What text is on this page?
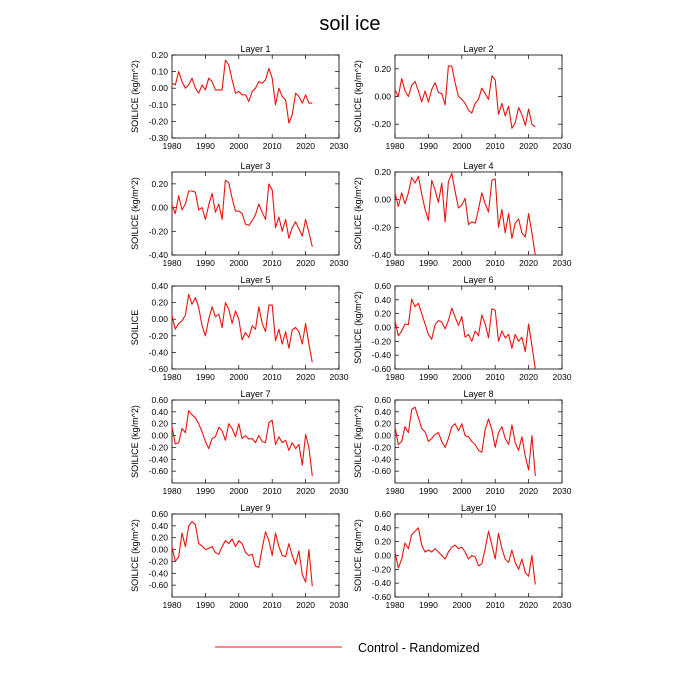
soil ice
Layer 1
1980 1990 2000 2010 2020 2030
-0.30
-0.20
-0.10
0.00
0.10
0.20
SOILICE (kg/m^2)
Layer 2
1980 1990 2000 2010 2020 2030
-0.20
0.00
0.20
SOILICE (kg/m^2)
Layer 3
1980 1990 2000 2010 2020 2030
-0.40
-0.20
0.00
0.20
SOILICE (kg/m^2)
Layer 4
1980 1990 2000 2010 2020 2030
-0.40
-0.20
0.00
0.20
SOILICE (kg/m^2)
Layer 5
1980 1990 2000 2010 2020 2030
-0.60
-0.40
-0.20
0.00
0.20
0.40
SOILICE
Layer 6
1980 1990 2000 2010 2020 2030
-0.60
-0.40
-0.20
0.00
0.20
0.40
0.60
SOILICE (kg/m^2)
Layer 7
1980 1990 2000 2010 2020 2030
-0.60
-0.40
-0.20
0.00
0.20
0.40
0.60
SOILICE (kg/m^2)
Layer 8
1980 1990 2000 2010 2020 2030
-0.60
-0.40
-0.20
0.00
0.20
0.40
0.60
SOILICE (kg/m^2)
Layer 9
1980 1990 2000 2010 2020 2030
-0.60
-0.40
-0.20
0.00
0.20
0.40
0.60
SOILICE (kg/m^2)
Layer 10
1980 1990 2000 2010 2020 2030
-0.60
-0.40
-0.20
0.00
0.20
0.40
0.60
SOILICE (kg/m^2)
Control - Randomized
